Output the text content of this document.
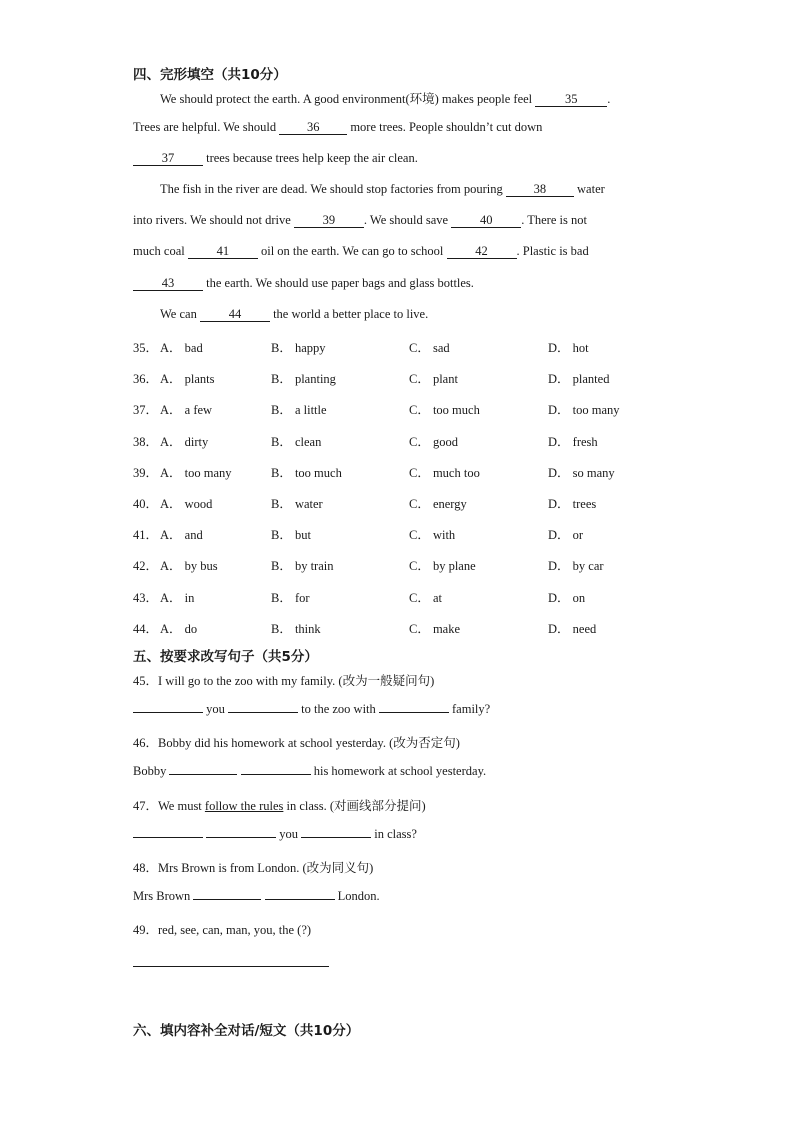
四、完形填空（共10分）
We should protect the earth. A good environment(环境) makes people feel 35 .
Trees are helpful. We should 36 more trees. People shouldn’t cut down
37 trees because trees help keep the air clean.
The fish in the river are dead. We should stop factories from pouring 38 water
into rivers. We should not drive 39 . We should save 40 . There is not
much coal 41 oil on the earth. We can go to school 42 . Plastic is bad
43 the earth. We should use paper bags and glass bottles.
We can 44 the world a better place to live.
35． A． bad	B． happy	C． sad	D． hot
36． A． plants	B． planting	C． plant	D． planted
37． A． a few	B． a little	C． too much	D． too many
38． A． dirty	B． clean	C． good	D． fresh
39． A． too many	B． too much	C． much too	D． so many
40． A． wood	B． water	C． energy	D． trees
41． A． and	B． but	C． with	D． or
42． A． by bus	B． by train	C． by plane	D． by car
43． A． in	B． for	C． at	D． on
44． A． do	B． think	C． make	D． need
五、按要求改写句子（共5分）
45．I will go to the zoo with my family. (改为一般疑问句)
you	to the zoo with	family?
46．Bobby did his homework at school yesterday. (改为否定句)
Bobby	his homework at school yesterday.
47．We must follow the rules in class. (对画线部分提问)
you	in class?
48．Mrs Brown is from London. (改为同义句)
Mrs Brown	London.
49．red, see, can, man, you, the (?)
六、填内容补全对话/短文（共10分）
